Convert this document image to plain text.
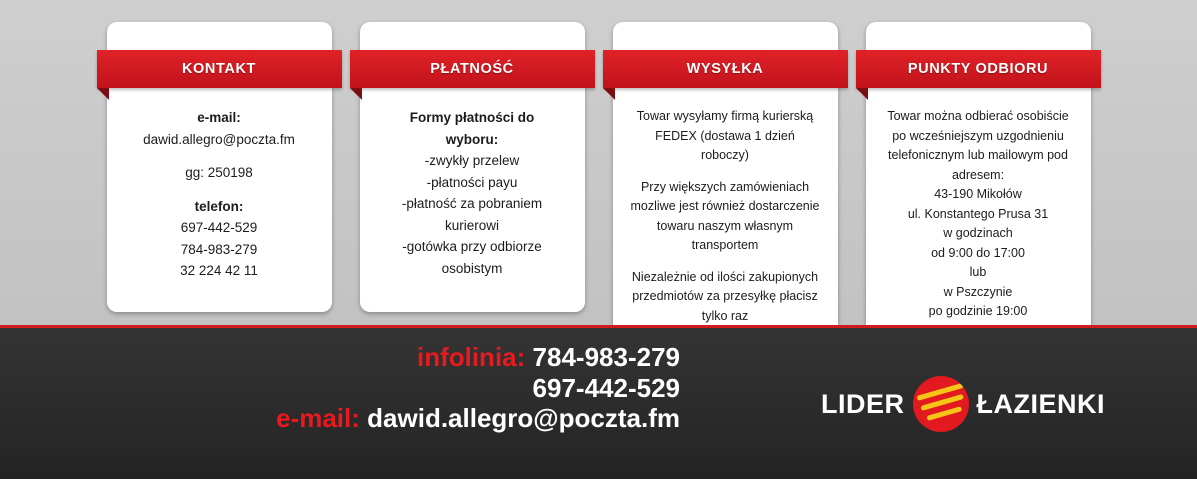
KONTAKT

e-mail:

dawid.allegro@poczta.fm

gg: 250198

telefon:

697-442-529

784-983-279

32 224 42 11

PŁATNOŚĆ

Formy płatności do

wyboru:

-zwykły przelew

-płatności payu

-płatność za pobraniem

kurierowi

-gotówka przy odbiorze

osobistym

WYSYŁKA

Towar wysyłamy firmą kurierską

FEDEX (dostawa 1 dzień

roboczy)

Przy większych zamówieniach

mozliwe jest również dostarczenie

towaru naszym własnym

transportem

Niezależnie od ilości zakupionych

przedmiotów za przesyłkę płacisz

tylko raz

PUNKTY ODBIORU

Towar można odbierać osobiście

po wcześniejszym uzgodnieniu

telefonicznym lub mailowym pod

adresem:

43-190 Mikołów

ul. Konstantego Prusa 31

w godzinach

od 9:00 do 17:00

lub

w Pszczynie

po godzinie 19:00

infolinia: 784-983-279
697-442-529
e-mail: dawid.allegro@poczta.fm	LIDER	ŁAZIENKI
